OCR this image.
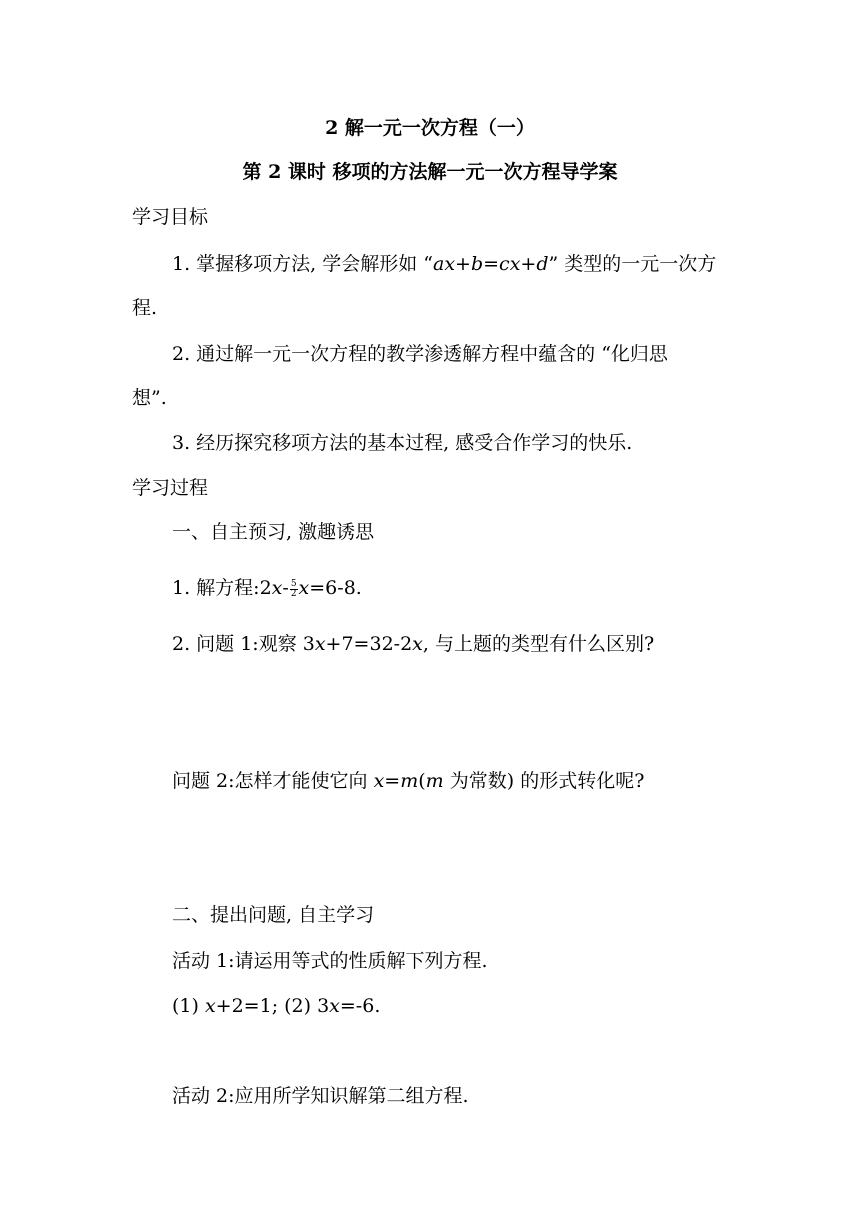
2 解一元一次方程（一）
第 2 课时 移项的方法解一元一次方程导学案
学习目标
1. 掌握移项方法, 学会解形如 “ax+b=cx+d” 类型的一元一次方
程.
2. 通过解一元一次方程的教学渗透解方程中蕴含的 “化归思
想”.
3. 经历探究移项方法的基本过程, 感受合作学习的快乐.
学习过程
一、自主预习, 激趣诱思
1. 解方程:2x- $\frac{5}{2} x=6-8$.
2. 问题 1:观察 3x+7=32-2x, 与上题的类型有什么区别?
问题 2:怎样才能使它向 x=m(m 为常数) 的形式转化呢?
二、提出问题, 自主学习
活动 1:请运用等式的性质解下列方程.
(1) x+2=1; (2) 3x=-6.
活动 2:应用所学知识解第二组方程.
